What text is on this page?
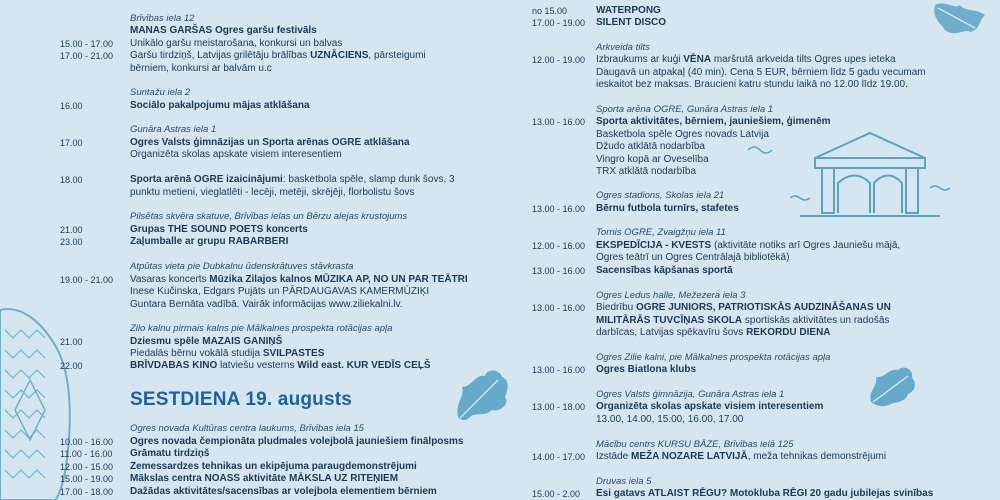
Brīvības iela 12
MANAS GARŠAS Ogres garšu festivāls
15.00 - 17.00	Unikālo garšu meistarošana, konkursi un balvas
17.00 - 21.00	Garšu tirdziņš, Latvijas grilētāju brālības UZNĀCIENS, pārsteigumi
bērniem, konkursi ar balvām u.c
Suntažu iela 2
16.00	Sociālo pakalpojumu mājas atklāšana
Gunāra Astras iela 1
17.00	Ogres Valsts ģimnāzijas un Sporta arēnas OGRE atklāšana
Organizēta skolas apskate visiem interesentiem
18.00	Sporta arēnā OGRE izaicinājumi: basketbola spēle, slamp dunk šovs, 3
punktu metieni, vieglatlēti - lecēji, metēji, skrējēji, florbolistu šovs
Pilsētas skvēra skatuve, Brīvības ielas un Bērzu alejas krustojums
21.00	Grupas THE SOUND POETS koncerts
23.00	Zaļumballe ar grupu RABARBERI
Atpūtas vieta pie Dubkalnu ūdenskrātuves stāvkrasta
19.00 - 21.00	Vasaras koncerts Mūzika Zilajos kalnos MŪZIKA AP, NO UN PAR TEĀTRI
Inese Kučinska, Edgars Pujāts un PĀRDAUGAVAS KAMERMŪZIĶI
Guntara Bernāta vadībā. Vairāk informācijas www.ziliekalni.lv.
Zilo kalnu pirmais kalns pie Mālkalnes prospekta rotācijas apļa
21.00	Dziesmu spēle MAZAIS GANIŅŠ
Piedalās bērnu vokālā studija SVILPASTES
22.00	BRĪVDABAS KINO latviešu vesterns Wild east. KUR VEDĪS CEĻŠ
Ogres novada Kultūras centra laukums, Brīvības iela 15
10.00 - 16.00	Ogres novada čempionāta pludmales volejbolā jauniešiem finālposms
11.00 - 16.00	Grāmatu tirdziņš
12.00 - 15.00	Zemessardzes tehnikas un ekipējuma paraugdemonstrējumi
15.00 - 19.00	Mākslas centra NOASS aktivitāte MĀKSLA UZ RITEŅIEM
17.00 - 18.00	Dažādas aktivitātes/sacensības ar volejbola elementiem bērniem
SESTDIENA 19. augusts
no 15.00	WATERPONG
17.00 - 19.00	SILENT DISCO
Arkveida tilts
12.00 - 19.00	Izbraukums ar kuģi VĒNA maršrutā arkveida tilts Ogres upes ieteka
Daugavā un atpakaļ (40 min). Cena 5 EUR, bērniem līdz 5 gadu vecumam
ieskaitot bez maksas. Braucieni katru stundu laikā no 12.00 līdz 19.00.
Sporta arēna OGRE, Gunāra Astras iela 1
13.00 - 16.00	Sporta aktivitātes, bērniem, jauniešiem, ģimenēm
Basketbola spēle Ogres novads Latvija
Džudo atklātā nodarbība
Vingro kopā ar Oveselība
TRX atklātā nodarbība
Ogres stadions, Skolas iela 21
13.00 - 16.00	Bērnu futbola turnīrs, stafetes
Tornis OGRE, Zvaigžņu iela 11
12.00 - 16.00	EKSPEDĪCIJA - KVESTS (aktivitāte notiks arī Ogres Jauniešu mājā,
Ogres teātrī un Ogres Centrālajā bibliotēkā)
13.00 - 16.00	Sacensības kāpšanas sportā
Ogres Ledus halle, Mežezera iela 3
13.00 - 16.00	Biedrību OGRE JUNIORS, PATRIOTISKĀS AUDZINĀŠANAS UN
MILITĀRĀS TUVCĪŅAS SKOLA sportiskās aktivitātes un radošās
darbīcas, Latvijas spēkavīru šovs REKORDU DIENA
Ogres Zilie kalni, pie Mālkalnes prospekta rotācijas apļa
13.00 - 16.00	Ogres Biatlona klubs
Ogres Valsts ģimnāzija, Gunāra Astras iela 1
13.00 - 18.00	Organizēta skolas apskate visiem interesentiem
13.00, 14.00, 15.00, 16.00, 17.00
Mācību centrs KURSU BĀZE, Brīvības ielā 125
14.00 - 17.00	Izstāde MEŽA NOZARE LATVIJĀ, meža tehnikas demonstrējumi
Druvas iela 5
15.00 - 2.00	Esi gatavs ATLAIST RĒGU? Motokluba RĒGI 20 gadu jubilejas svinības
